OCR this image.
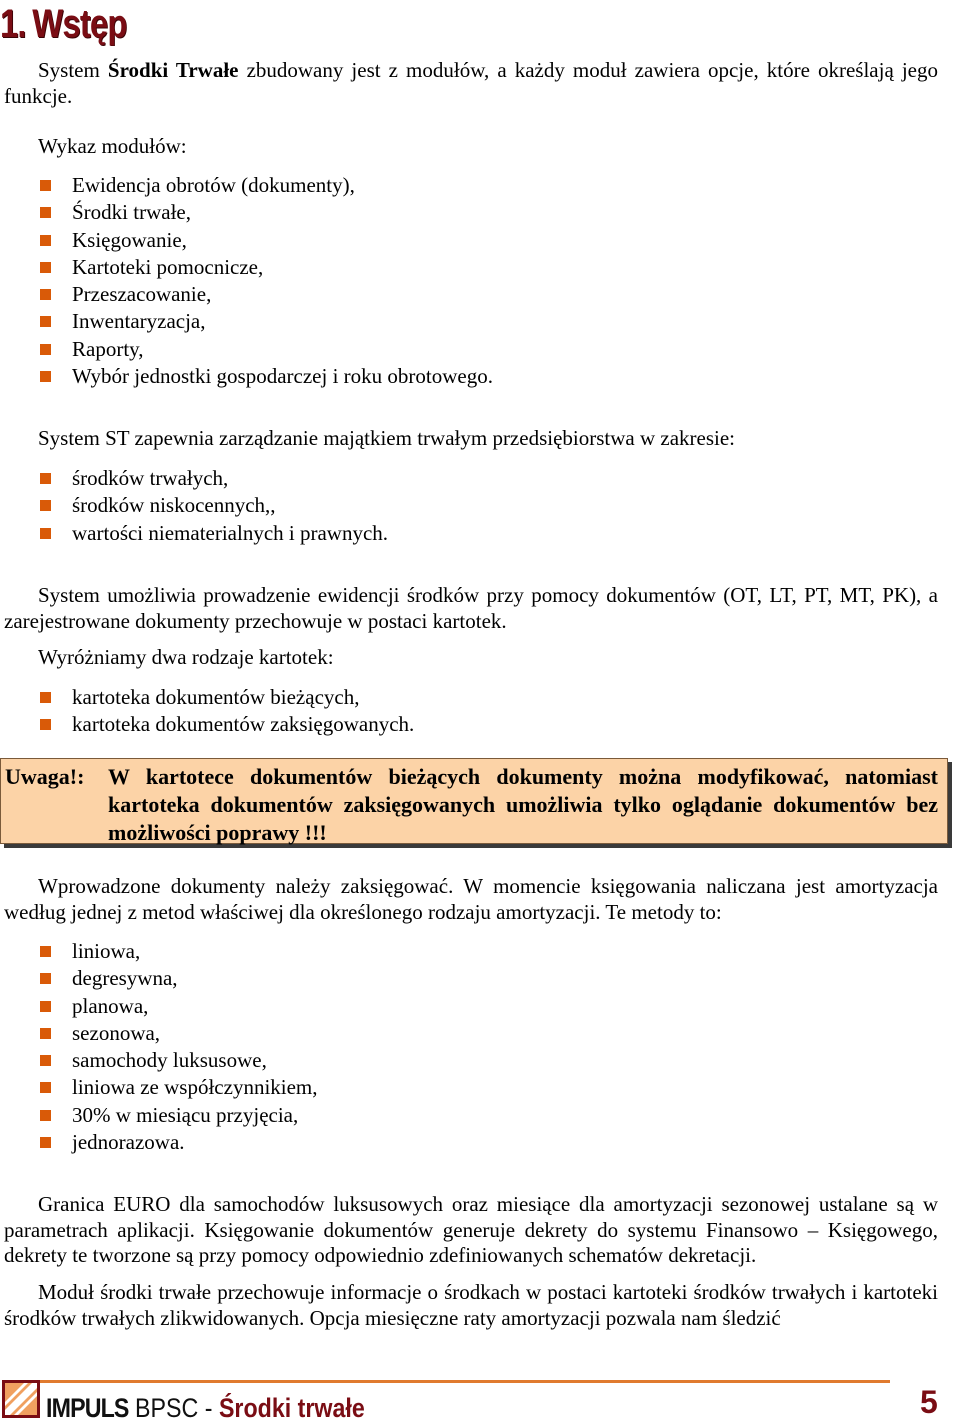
1. Wstęp

System Środki Trwałe zbudowany jest z modułów, a każdy moduł zawiera opcje, które określają jego funkcje.

Wykaz modułów:

Ewidencja obrotów (dokumenty),
Środki trwałe,
Księgowanie,
Kartoteki pomocnicze,
Przeszacowanie,
Inwentaryzacja,
Raporty,
Wybór jednostki gospodarczej i roku obrotowego.

System ST zapewnia zarządzanie majątkiem trwałym przedsiębiorstwa w zakresie:

środków trwałych,
środków niskocennych,,
wartości niematerialnych i prawnych.

System umożliwia prowadzenie ewidencji środków przy pomocy dokumentów (OT, LT, PT, MT, PK), a zarejestrowane dokumenty przechowuje w postaci kartotek.

Wyróżniamy dwa rodzaje kartotek:

kartoteka dokumentów bieżących,
kartoteka dokumentów zaksięgowanych.
Uwaga!: W kartotece dokumentów bieżących dokumenty można modyfikować, natomiast kartoteka dokumentów zaksięgowanych umożliwia tylko oglądanie dokumentów bez możliwości poprawy !!!

Wprowadzone dokumenty należy zaksięgować. W momencie księgowania naliczana jest amortyzacja według jednej z metod właściwej dla określonego rodzaju amortyzacji. Te metody to:

liniowa,
degresywna,
planowa,
sezonowa,
samochody luksusowe,
liniowa ze współczynnikiem,
30% w miesiącu przyjęcia,
jednorazowa.

Granica EURO dla samochodów luksusowych oraz miesiące dla amortyzacji sezonowej ustalane są w parametrach aplikacji. Księgowanie dokumentów generuje dekrety do systemu Finansowo – Księgowego, dekrety te tworzone są przy pomocy odpowiednio zdefiniowanych schematów dekretacji.

Moduł środki trwałe przechowuje informacje o środkach w postaci kartoteki środków trwałych i kartoteki środków trwałych zlikwidowanych. Opcja miesięczne raty amortyzacji pozwala nam śledzić

IMPULS BPSC - Środki trwałe	5
